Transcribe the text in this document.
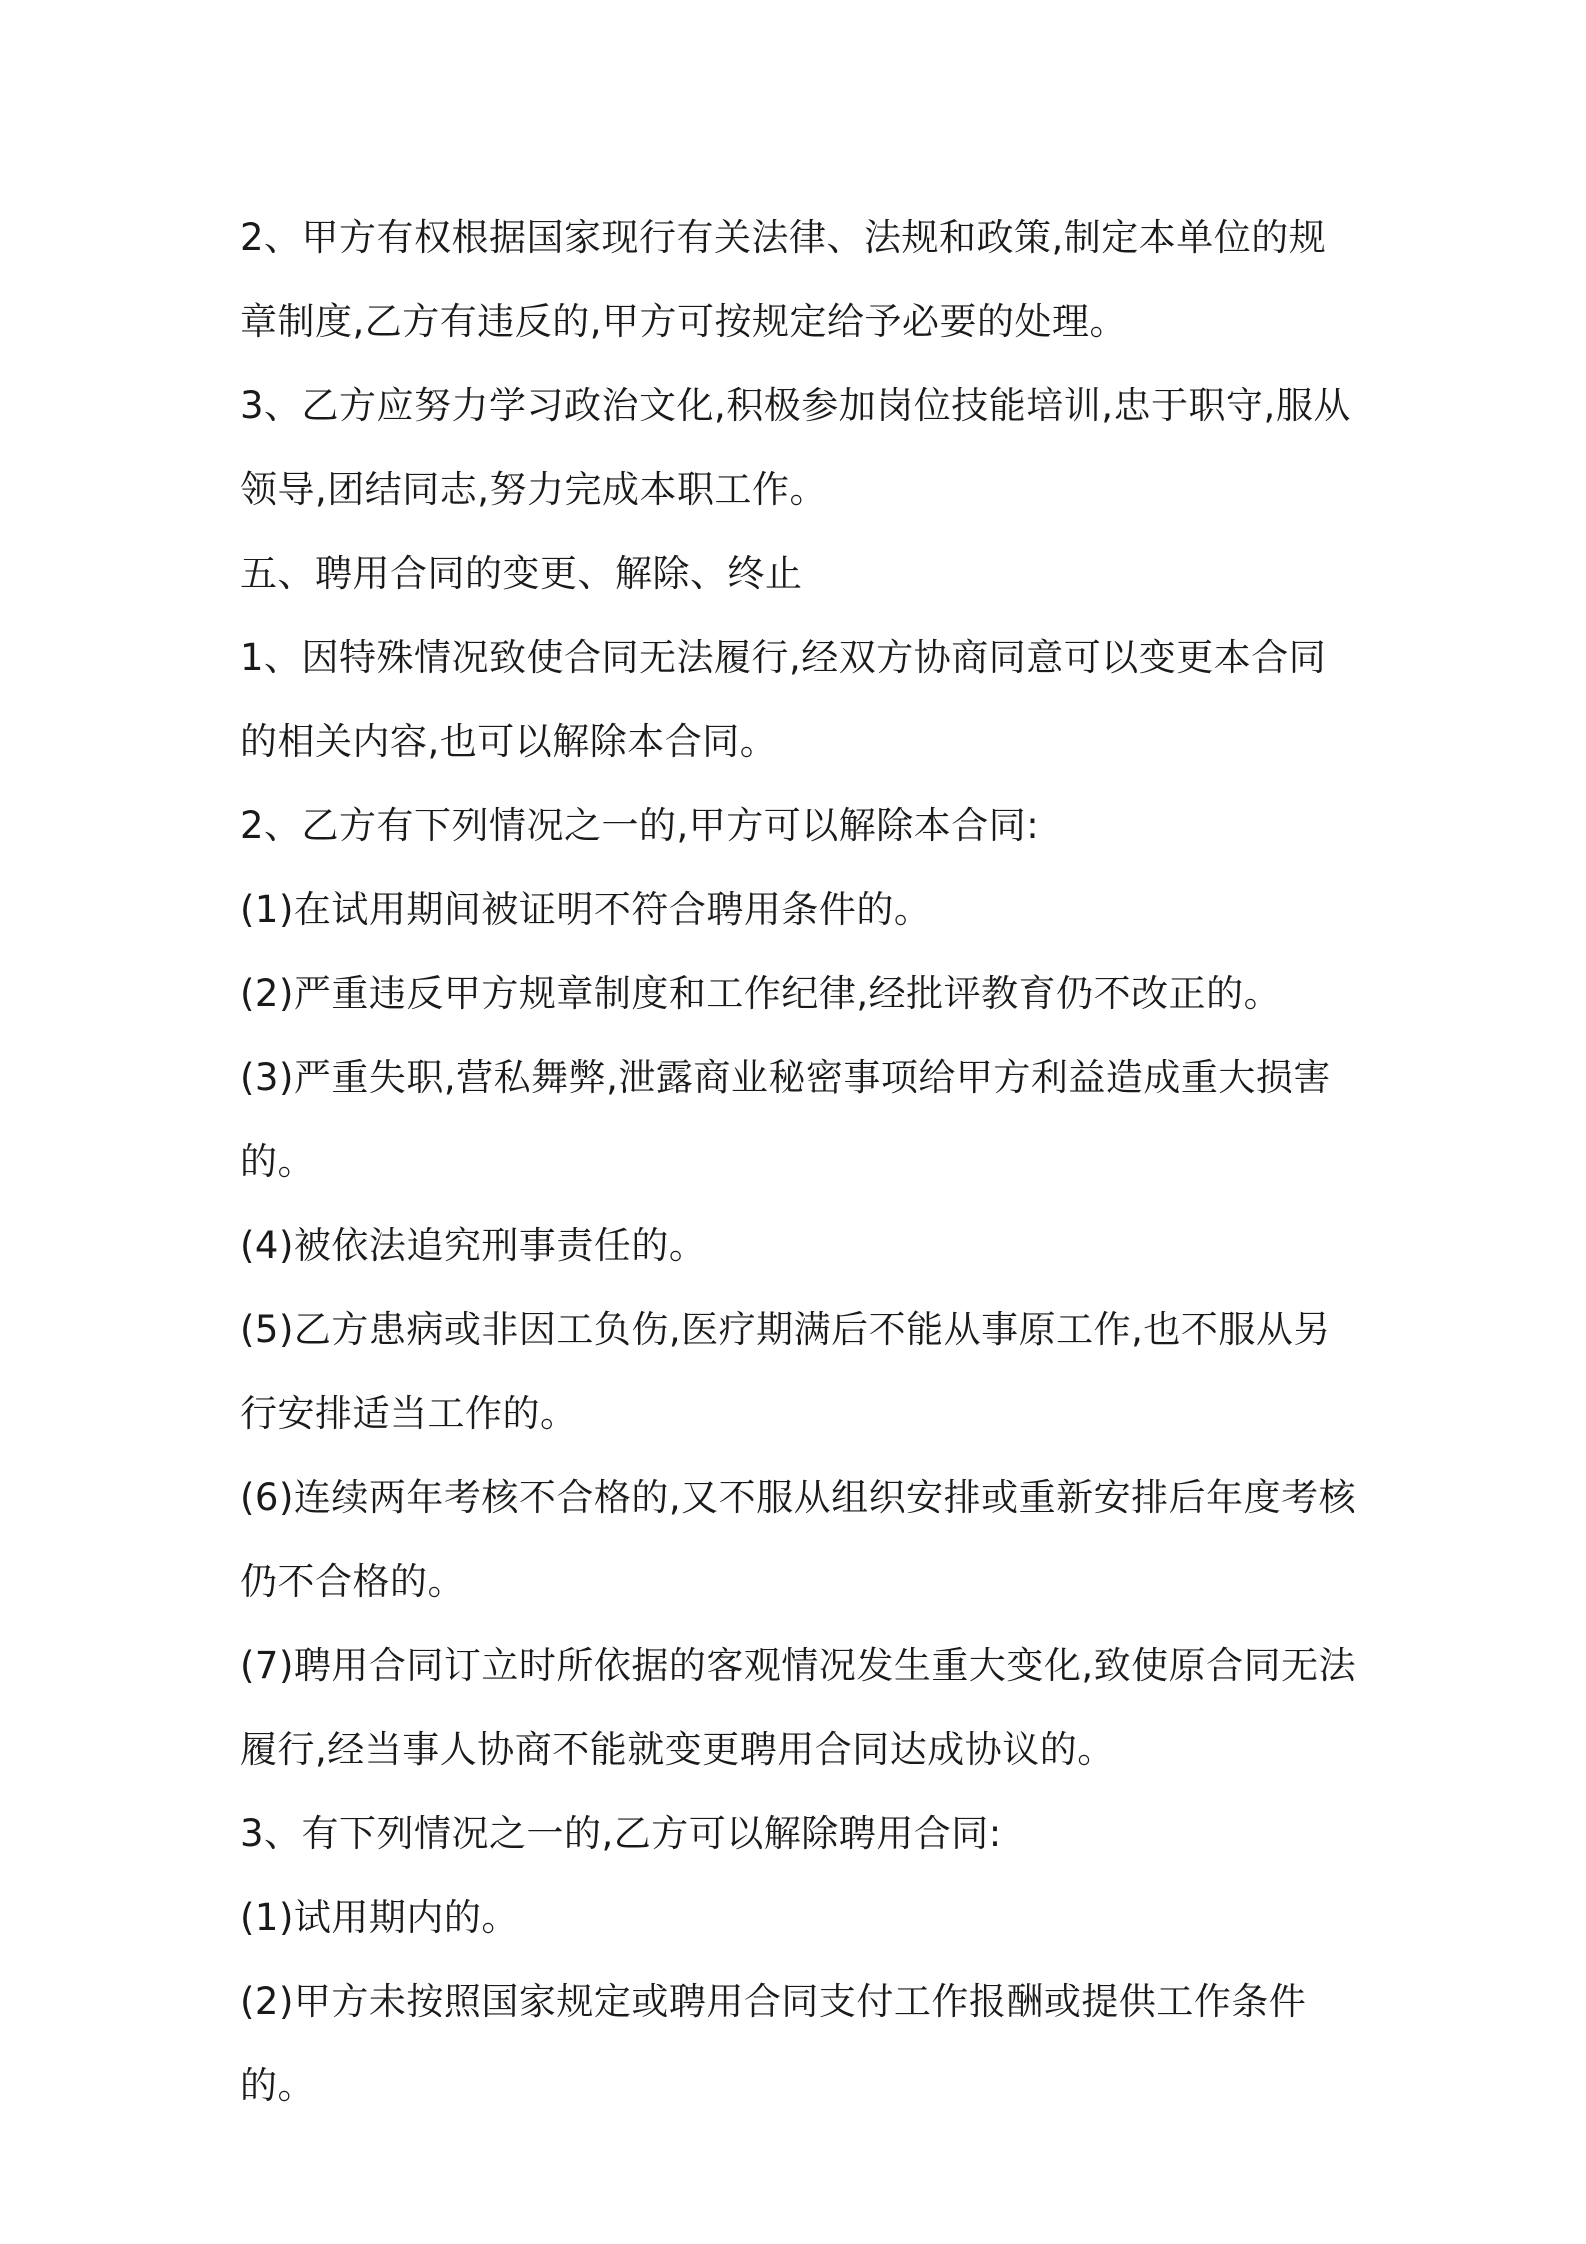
2、甲方有权根据国家现行有关法律、法规和政策,制定本单位的规章制度,乙方有违反的,甲方可按规定给予必要的处理。

3、乙方应努力学习政治文化,积极参加岗位技能培训,忠于职守,服从领导,团结同志,努力完成本职工作。

五、聘用合同的变更、解除、终止

1、因特殊情况致使合同无法履行,经双方协商同意可以变更本合同的相关内容,也可以解除本合同。

2、乙方有下列情况之一的,甲方可以解除本合同:

(1)在试用期间被证明不符合聘用条件的。

(2)严重违反甲方规章制度和工作纪律,经批评教育仍不改正的。

(3)严重失职,营私舞弊,泄露商业秘密事项给甲方利益造成重大损害的。

(4)被依法追究刑事责任的。

(5)乙方患病或非因工负伤,医疗期满后不能从事原工作,也不服从另行安排适当工作的。

(6)连续两年考核不合格的,又不服从组织安排或重新安排后年度考核仍不合格的。

(7)聘用合同订立时所依据的客观情况发生重大变化,致使原合同无法履行,经当事人协商不能就变更聘用合同达成协议的。

3、有下列情况之一的,乙方可以解除聘用合同:

(1)试用期内的。

(2)甲方未按照国家规定或聘用合同支付工作报酬或提供工作条件的。
